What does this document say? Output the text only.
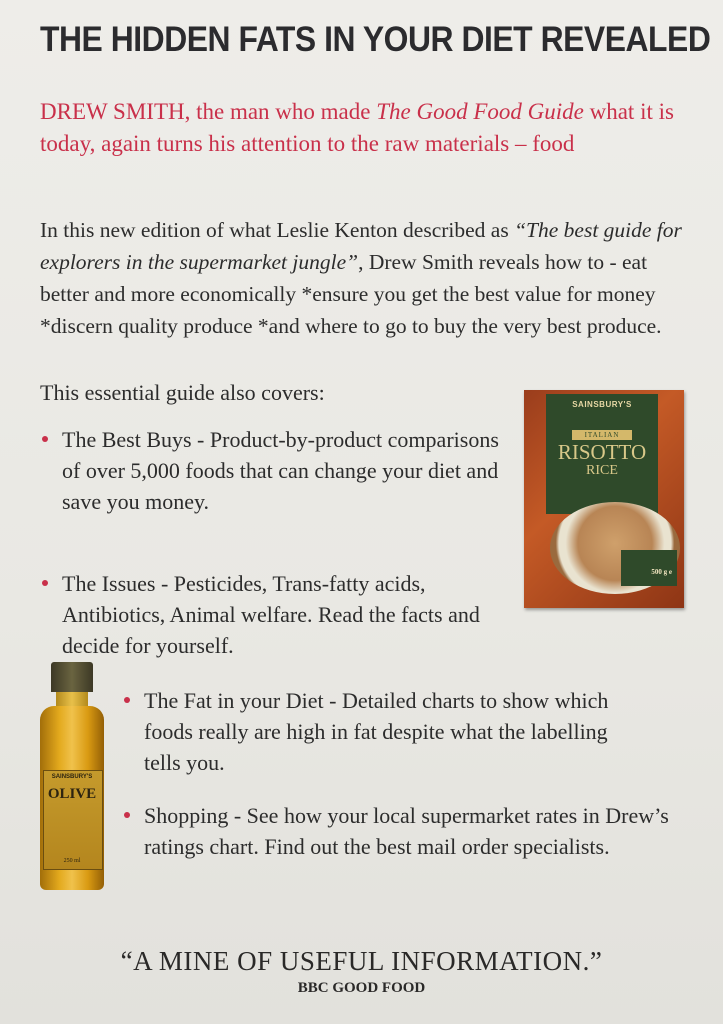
THE HIDDEN FATS IN YOUR DIET REVEALED
DREW SMITH, the man who made The Good Food Guide what it is today, again turns his attention to the raw materials – food
In this new edition of what Leslie Kenton described as “The best guide for explorers in the supermarket jungle”, Drew Smith reveals how to - eat better and more economically *ensure you get the best value for money *discern quality produce *and where to go to buy the very best produce.
This essential guide also covers:
The Best Buys - Product-by-product comparisons of over 5,000 foods that can change your diet and save you money.
The Issues - Pesticides, Trans-fatty acids, Antibiotics, Animal welfare. Read the facts and decide for yourself.
The Fat in your Diet - Detailed charts to show which foods really are high in fat despite what the labelling tells you.
Shopping - See how your local supermarket rates in Drew’s ratings chart. Find out the best mail order specialists.
SAINSBURY'S
ITALIAN
RISOTTO
RICE
500 g e
SAINSBURY'S
OLIVE
250 ml
“A MINE OF USEFUL INFORMATION.”
BBC GOOD FOOD
